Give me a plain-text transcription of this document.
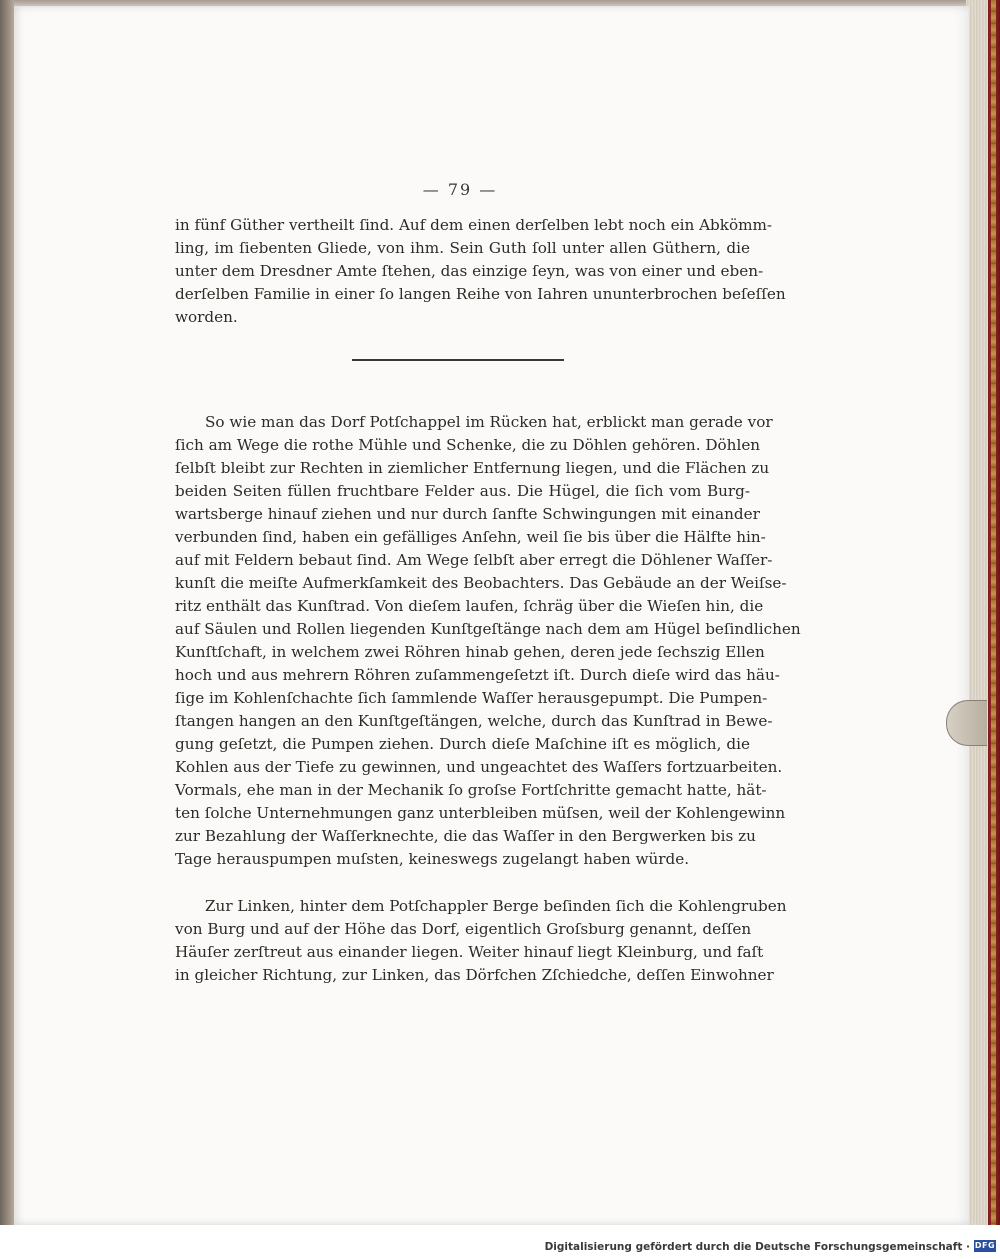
— 79 —
in fünf Güther vertheilt ſind. Auf dem einen derſelben lebt noch ein Abkömm-
ling, im ſiebenten Gliede, von ihm. Sein Guth ſoll unter allen Güthern, die
unter dem Dresdner Amte ſtehen, das einzige ſeyn, was von einer und eben-
derſelben Familie in einer ſo langen Reihe von Iahren ununterbrochen beſeſſen
worden.
So wie man das Dorf Potſchappel im Rücken hat, erblickt man gerade vor
ſich am Wege die rothe Mühle und Schenke, die zu Döhlen gehören. Döhlen
ſelbſt bleibt zur Rechten in ziemlicher Entfernung liegen, und die Flächen zu
beiden Seiten füllen fruchtbare Felder aus. Die Hügel, die ſich vom Burg-
wartsberge hinauf ziehen und nur durch ſanfte Schwingungen mit einander
verbunden ſind, haben ein gefälliges Anſehn, weil ſie bis über die Hälfte hin-
auf mit Feldern bebaut ſind. Am Wege ſelbſt aber erregt die Döhlener Waſſer-
kunſt die meiſte Aufmerkſamkeit des Beobachters. Das Gebäude an der Weiſse-
ritz enthält das Kunſtrad. Von dieſem laufen, ſchräg über die Wieſen hin, die
auf Säulen und Rollen liegenden Kunſtgeſtänge nach dem am Hügel beſindlichen
Kunſtſchaft, in welchem zwei Röhren hinab gehen, deren jede ſechszig Ellen
hoch und aus mehrern Röhren zuſammengeſetzt iſt. Durch dieſe wird das häu-
ſige im Kohlenſchachte ſich ſammlende Waſſer herausgepumpt. Die Pumpen-
ſtangen hangen an den Kunſtgeſtängen, welche, durch das Kunſtrad in Bewe-
gung geſetzt, die Pumpen ziehen. Durch dieſe Maſchine iſt es möglich, die
Kohlen aus der Tiefe zu gewinnen, und ungeachtet des Waſſers fortzuarbeiten.
Vormals, ehe man in der Mechanik ſo groſse Fortſchritte gemacht hatte, hät-
ten ſolche Unternehmungen ganz unterbleiben müſsen, weil der Kohlengewinn
zur Bezahlung der Waſſerknechte, die das Waſſer in den Bergwerken bis zu
Tage herauspumpen muſsten, keineswegs zugelangt haben würde.
Zur Linken, hinter dem Potſchappler Berge beſinden ſich die Kohlengruben
von Burg und auf der Höhe das Dorf, eigentlich Groſsburg genannt, deſſen
Häuſer zerſtreut aus einander liegen. Weiter hinauf liegt Kleinburg, und faſt
in gleicher Richtung, zur Linken, das Dörfchen Zſchiedche, deſſen Einwohner
Digitalisierung gefördert durch die Deutsche Forschungsgemeinschaft · DFG
